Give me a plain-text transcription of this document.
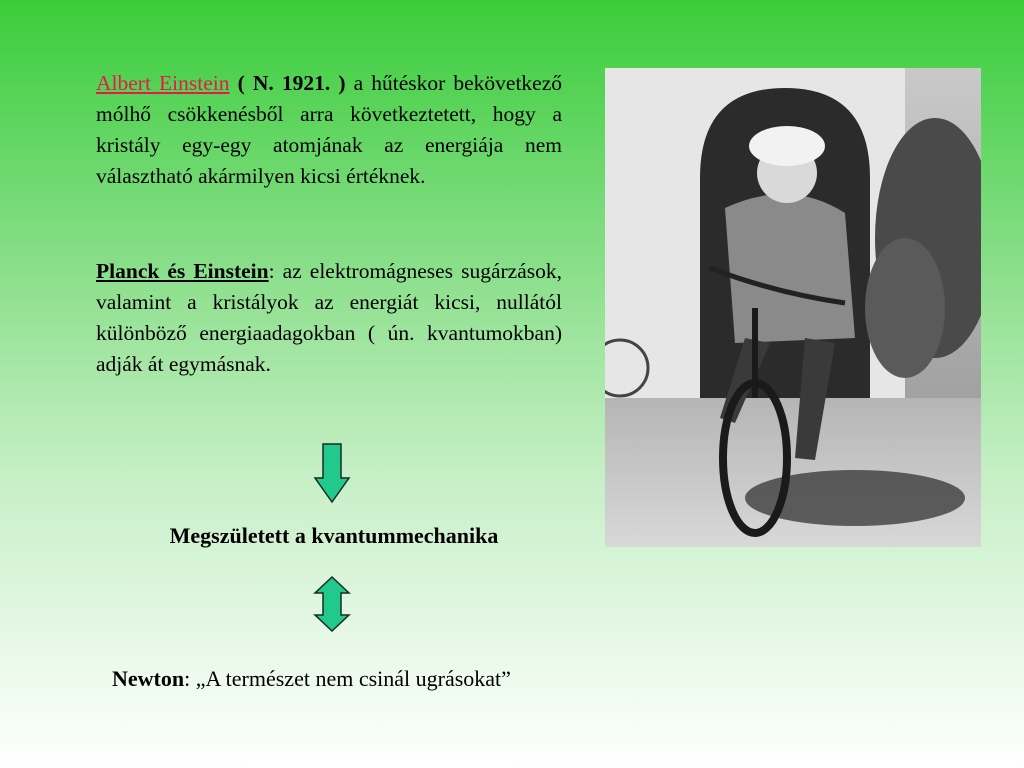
Albert Einstein ( N. 1921. ) a hűtéskor bekövetkező mólhő csökkenésből arra következtetett, hogy a kristály egy-egy atomjának az energiája nem választható akármilyen kicsi értéknek.

Planck és Einstein: az elektromágneses sugárzások, valamint a kristályok az energiát kicsi, nullától különböző energiaadagokban ( ún. kvantumokban) adják át egymásnak.

Megszületett a kvantummechanika

Newton: „A természet nem csinál ugrásokat”
